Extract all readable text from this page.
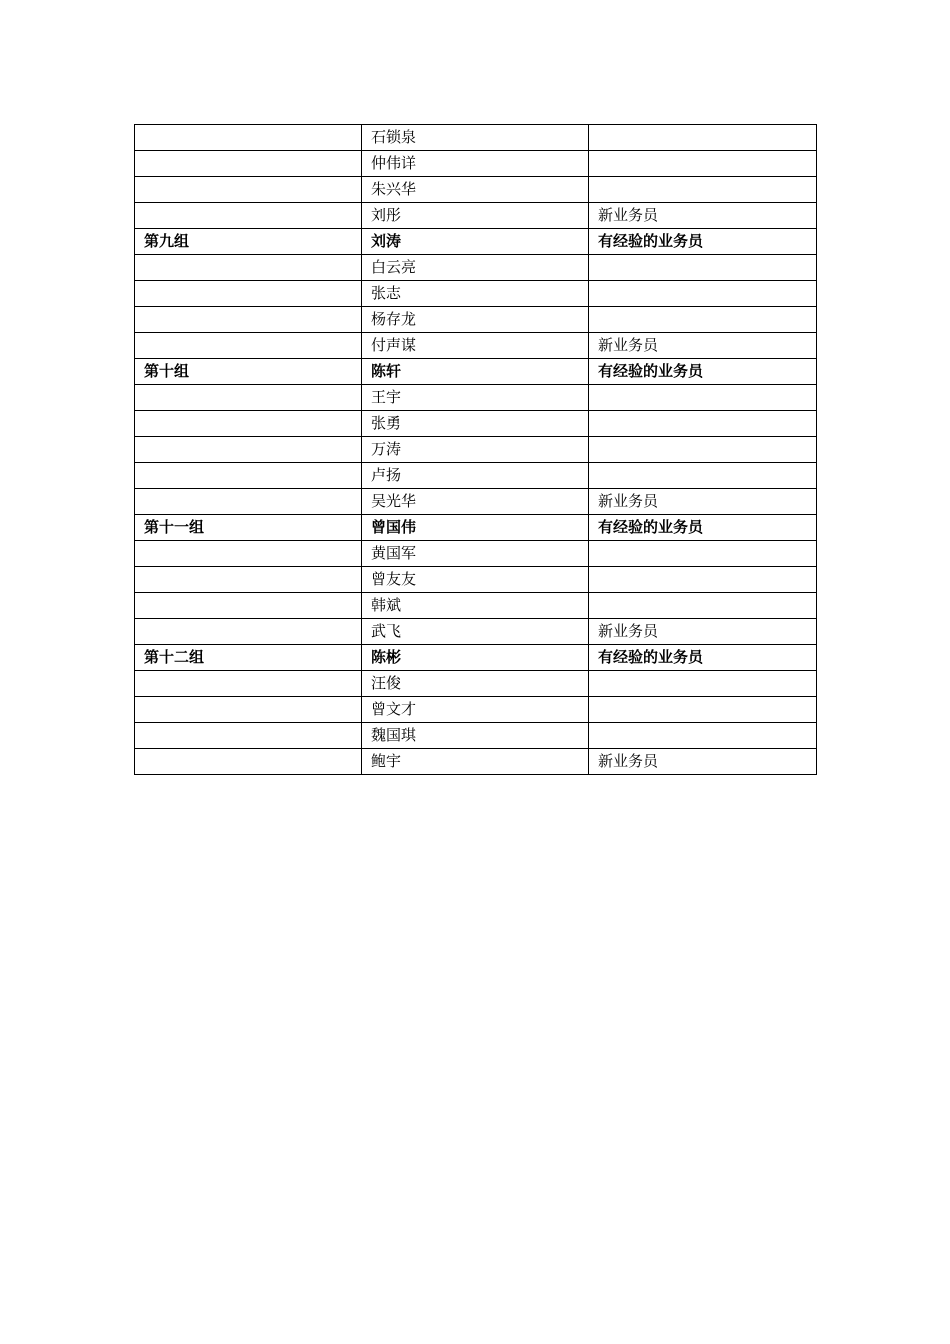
	石锁泉	
	仲伟详	
	朱兴华	
	刘彤	新业务员
第九组	刘涛	有经验的业务员
	白云亮	
	张志	
	杨存龙	
	付声谋	新业务员
第十组	陈轩	有经验的业务员
	王宇	
	张勇	
	万涛	
	卢扬	
	吴光华	新业务员
第十一组	曾国伟	有经验的业务员
	黄国军	
	曾友友	
	韩斌	
	武飞	新业务员
第十二组	陈彬	有经验的业务员
	汪俊	
	曾文才	
	魏国琪	
	鲍宇	新业务员
